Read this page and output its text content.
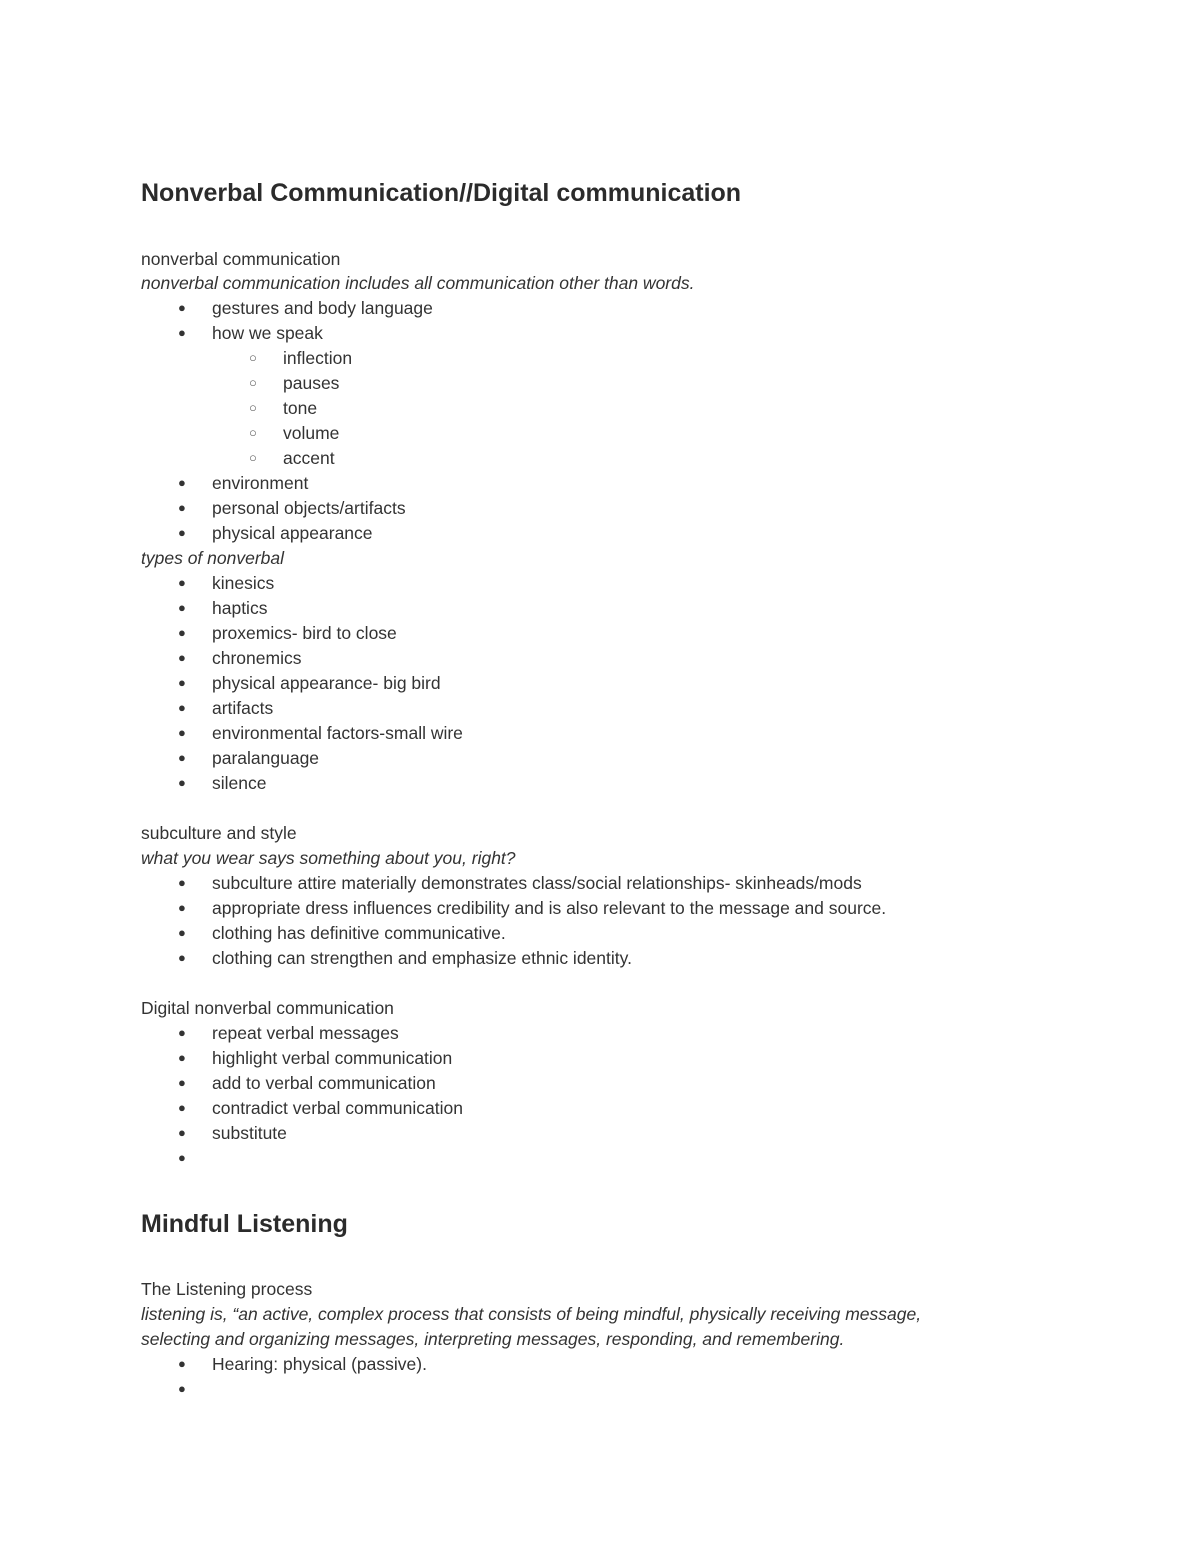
Nonverbal Communication//Digital communication
nonverbal communication
nonverbal communication includes all communication other than words.
● gestures and body language
● how we speak
○ inflection
○ pauses
○ tone
○ volume
○ accent
● environment
● personal objects/artifacts
● physical appearance
types of nonverbal
● kinesics
● haptics
● proxemics- bird to close
● chronemics
● physical appearance- big bird
● artifacts
● environmental factors-small wire
● paralanguage
● silence
subculture and style
what you wear says something about you, right?
● subculture attire materially demonstrates class/social relationships- skinheads/mods
● appropriate dress influences credibility and is also relevant to the message and source.
● clothing has definitive communicative.
● clothing can strengthen and emphasize ethnic identity.
Digital nonverbal communication
● repeat verbal messages
● highlight verbal communication
● add to verbal communication
● contradict verbal communication
● substitute
●
Mindful Listening
The Listening process
listening is, “an active, complex process that consists of being mindful, physically receiving message,
selecting and organizing messages, interpreting messages, responding, and remembering.
● Hearing: physical (passive).
●
